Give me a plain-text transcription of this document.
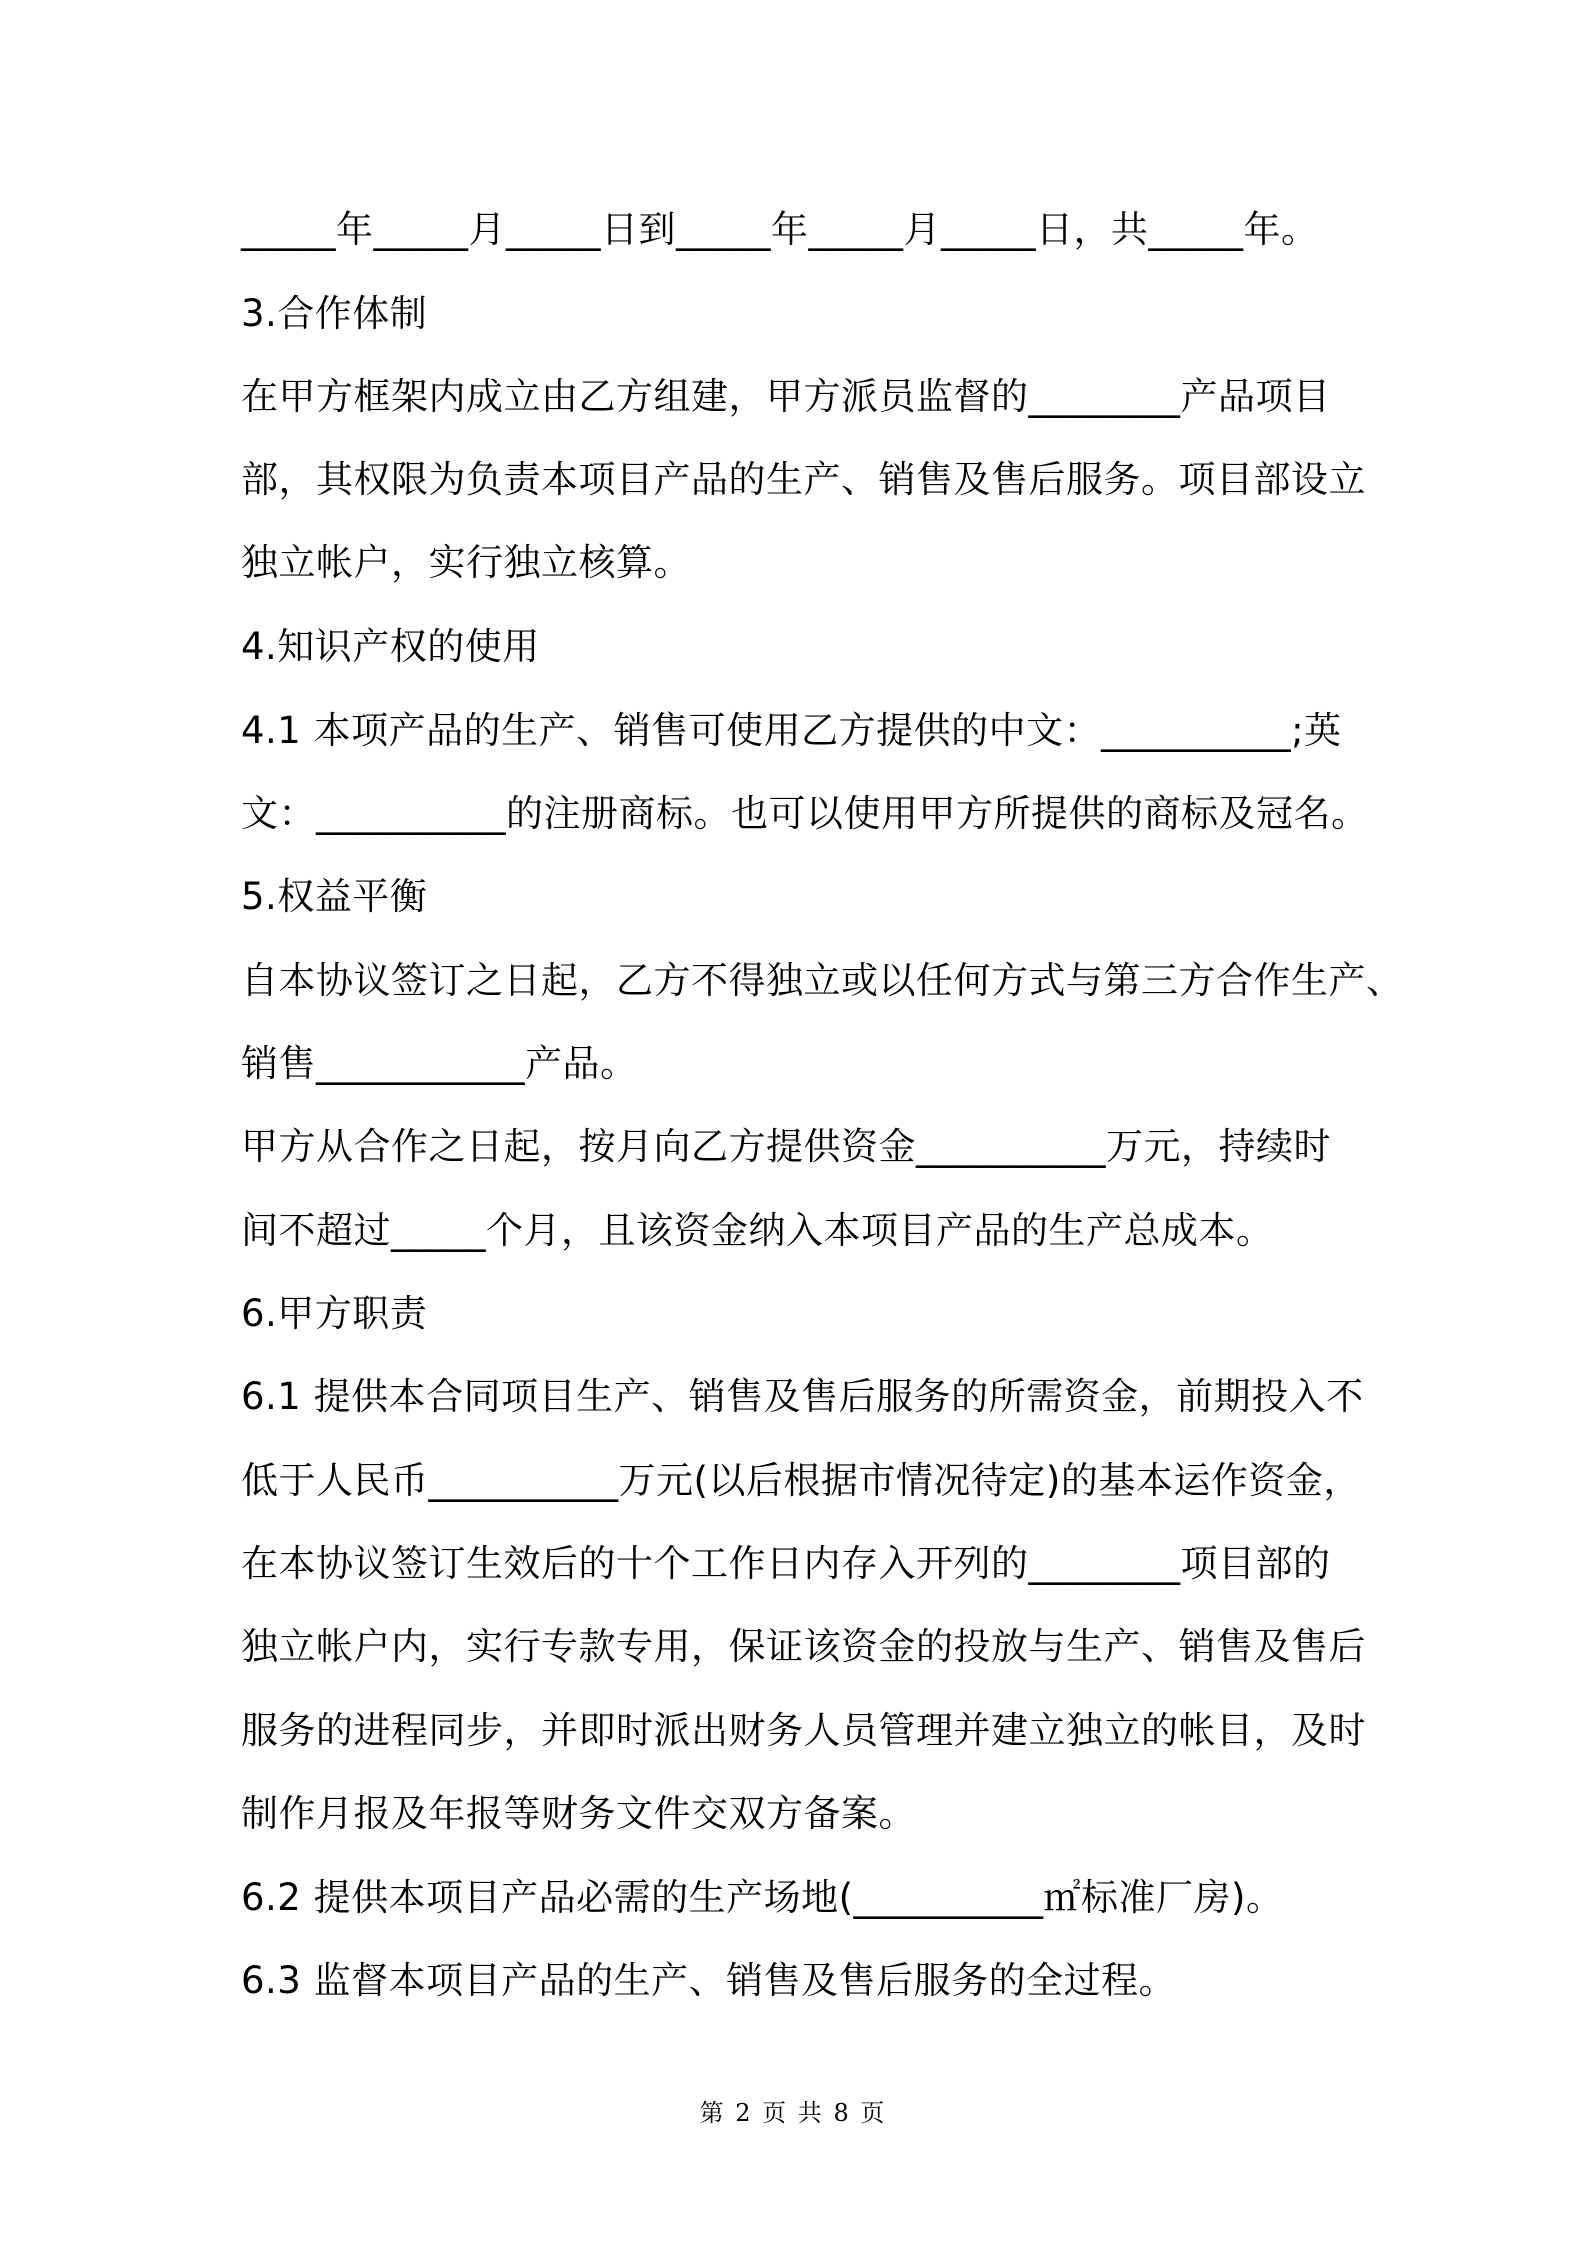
_____年_____月_____日到_____年_____月_____日，共_____年。
3.合作体制
在甲方框架内成立由乙方组建，甲方派员监督的________产品项目
部，其权限为负责本项目产品的生产、销售及售后服务。项目部设立
独立帐户，实行独立核算。
4.知识产权的使用
4.1 本项产品的生产、销售可使用乙方提供的中文：__________;英
文：__________的注册商标。也可以使用甲方所提供的商标及冠名。
5.权益平衡
自本协议签订之日起，乙方不得独立或以任何方式与第三方合作生产、
销售___________产品。
甲方从合作之日起，按月向乙方提供资金__________万元，持续时
间不超过_____个月，且该资金纳入本项目产品的生产总成本。
6.甲方职责
6.1 提供本合同项目生产、销售及售后服务的所需资金，前期投入不
低于人民币__________万元(以后根据市情况待定)的基本运作资金，
在本协议签订生效后的十个工作日内存入开列的________项目部的
独立帐户内，实行专款专用，保证该资金的投放与生产、销售及售后
服务的进程同步，并即时派出财务人员管理并建立独立的帐目，及时
制作月报及年报等财务文件交双方备案。
6.2 提供本项目产品必需的生产场地(__________㎡标准厂房)。
6.3 监督本项目产品的生产、销售及售后服务的全过程。
第 2 页 共 8 页
